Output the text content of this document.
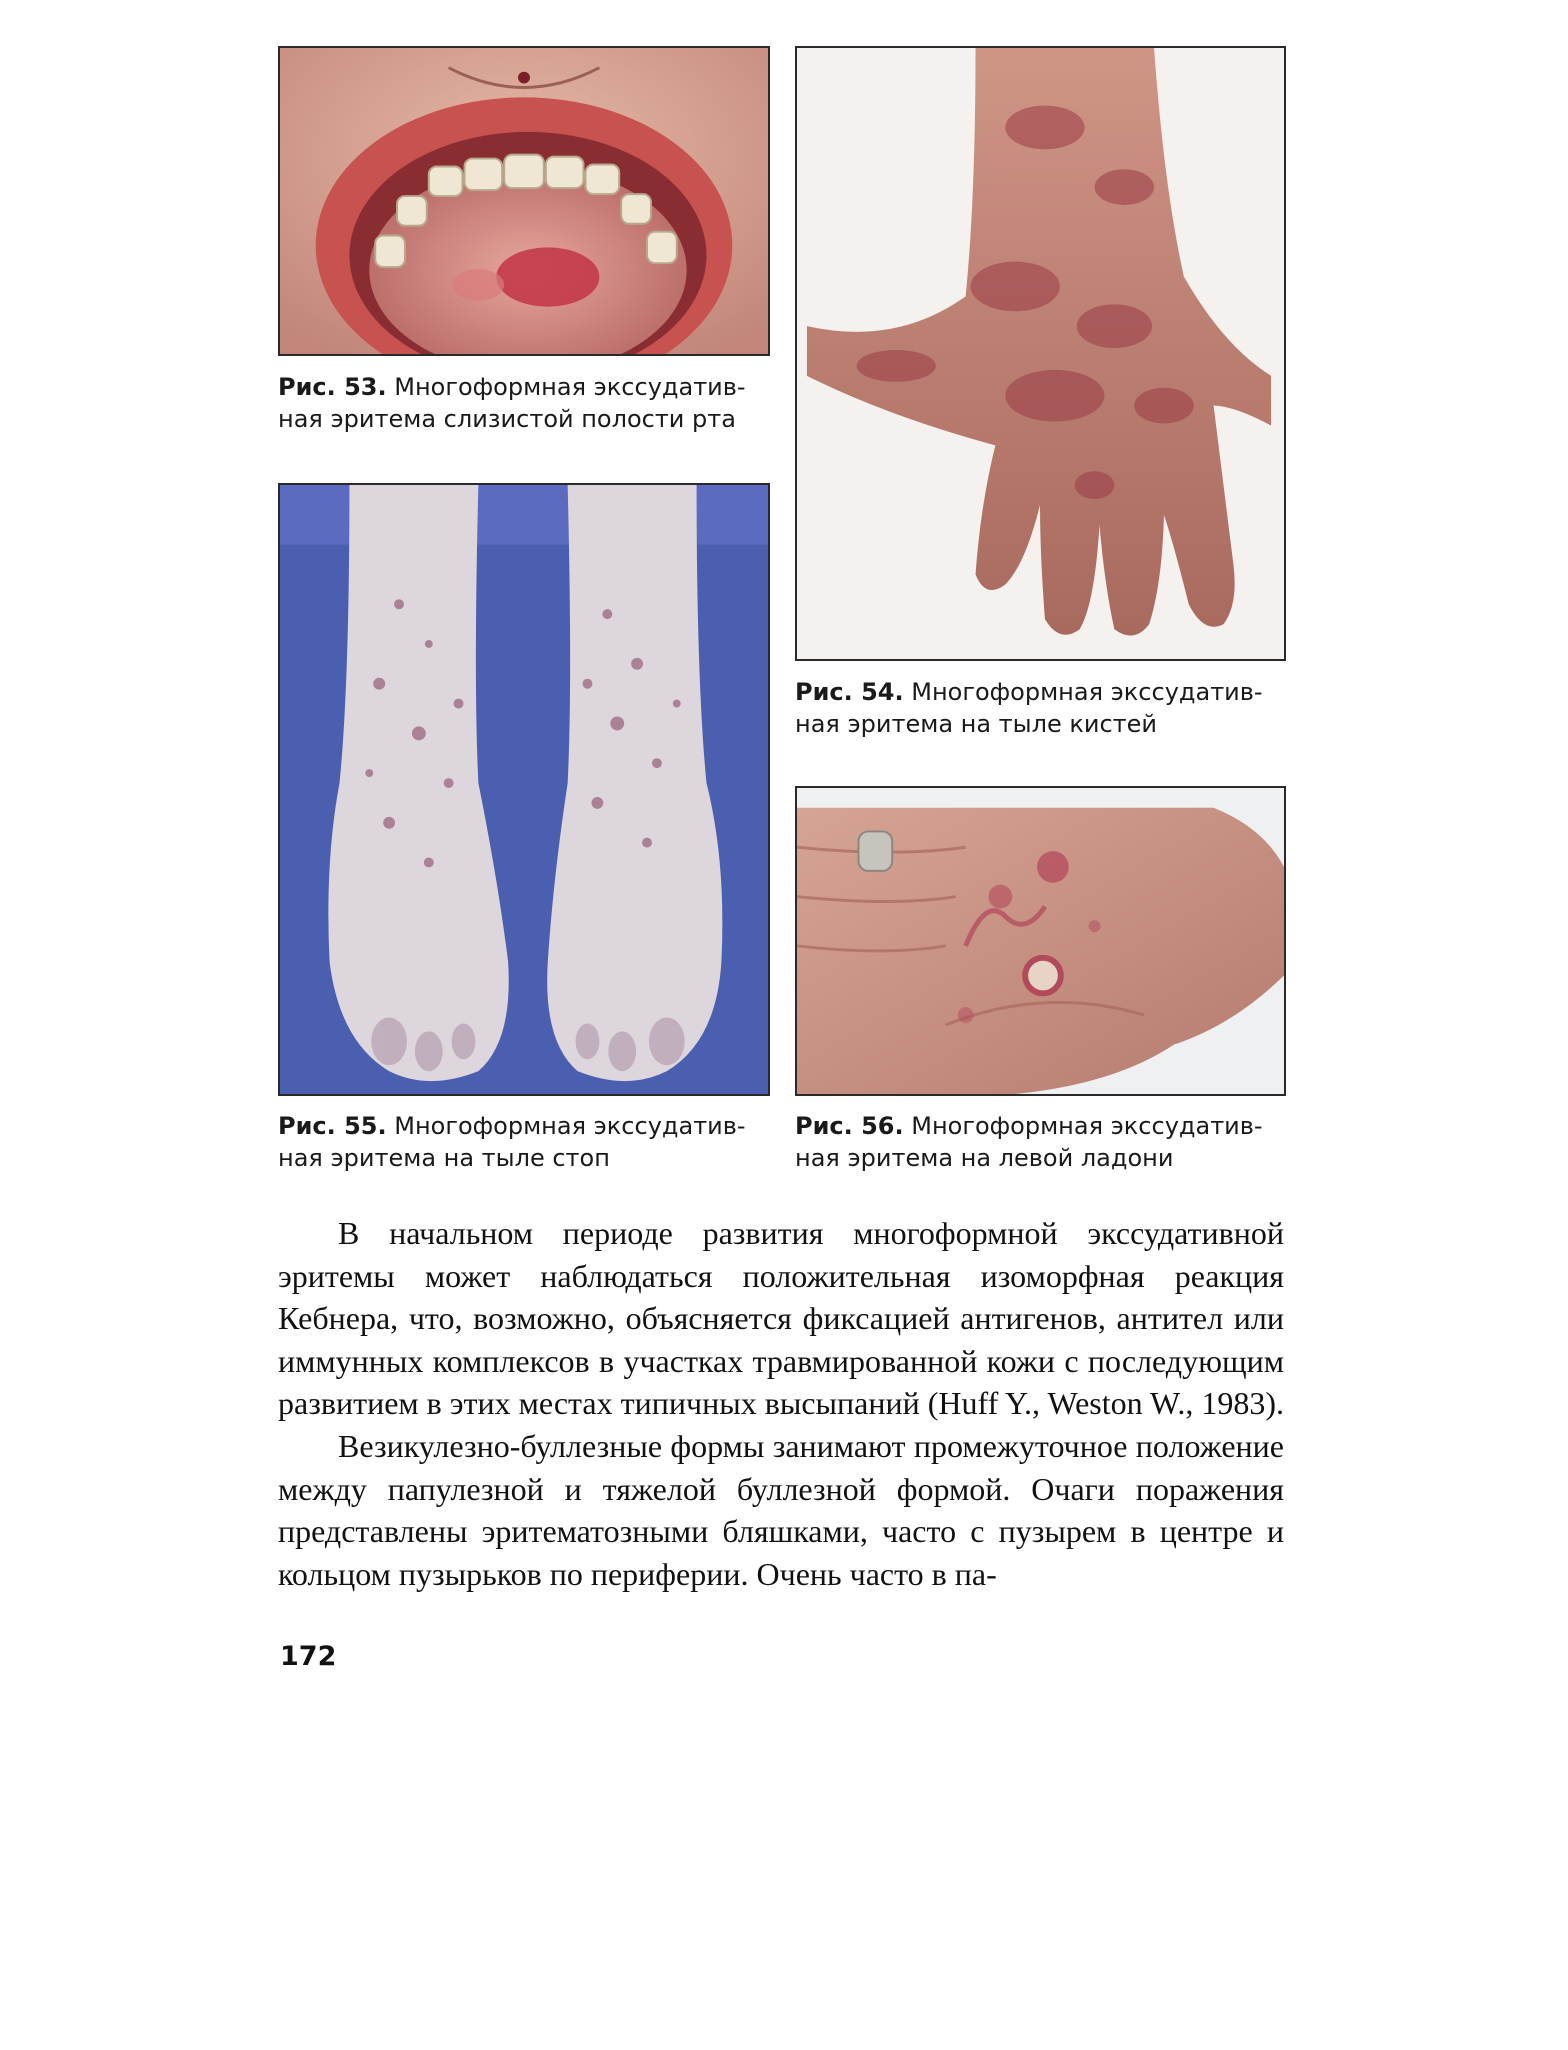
Рис. 53. Многоформная экссудатив-
ная эритема слизистой полости рта
Рис. 54. Многоформная экссудатив-
ная эритема на тыле кистей
Рис. 55. Многоформная экссудатив-
ная эритема на тыле стоп
Рис. 56. Многоформная экссудатив-
ная эритема на левой ладони

В начальном периоде развития многоформной экссудативной эритемы может наблюдаться положительная изоморфная реакция Кебнера, что, возможно, объясняется фиксацией антигенов, антител или иммунных комплексов в участках травмированной кожи с последующим развитием в этих местах типичных высыпаний (Huff Y., Weston W., 1983).

Везикулезно-буллезные формы занимают промежуточное положение между папулезной и тяжелой буллезной формой. Очаги поражения представлены эритематозными бляшками, часто с пузырем в центре и кольцом пузырьков по периферии. Очень часто в па-

172
